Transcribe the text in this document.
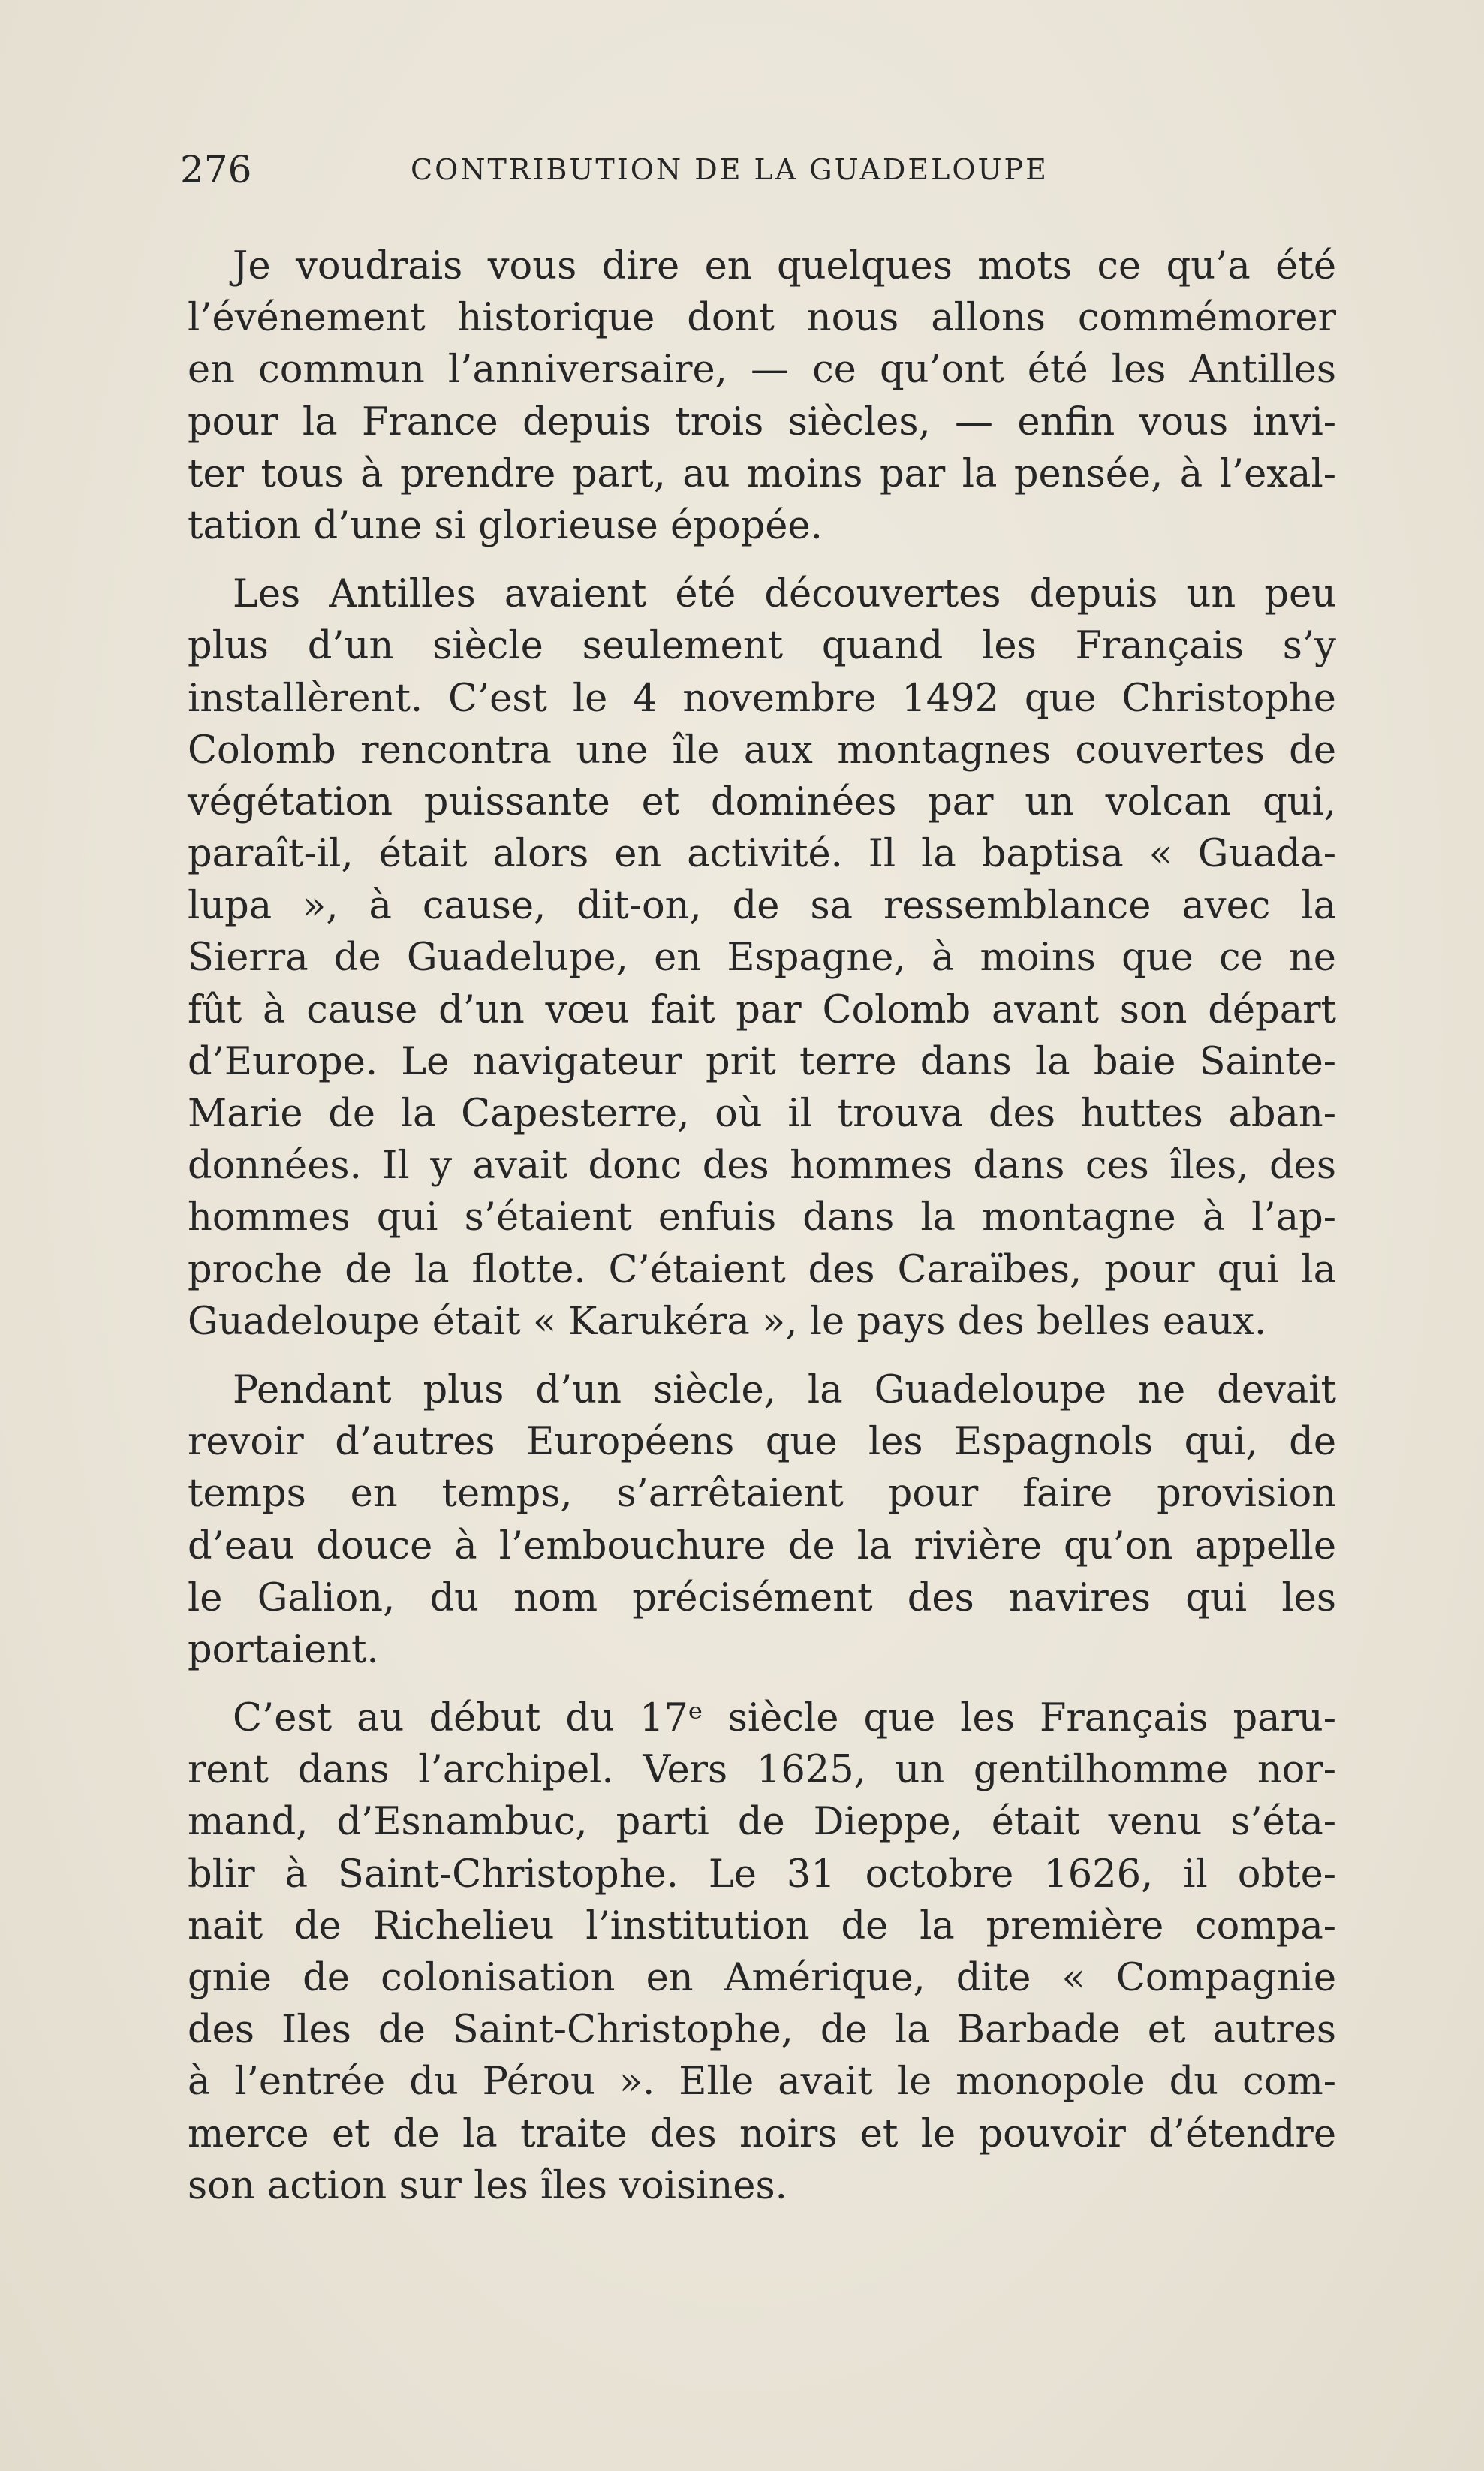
276	CONTRIBUTION DE LA GUADELOUPE
Je voudrais vous dire en quelques mots ce qu’a été
l’événement historique dont nous allons commémorer
en commun l’anniversaire, — ce qu’ont été les Antilles
pour la France depuis trois siècles, — enfin vous invi-
ter tous à prendre part, au moins par la pensée, à l’exal-
tation d’une si glorieuse épopée.
Les Antilles avaient été découvertes depuis un peu
plus d’un siècle seulement quand les Français s’y
installèrent. C’est le 4 novembre 1492 que Christophe
Colomb rencontra une île aux montagnes couvertes de
végétation puissante et dominées par un volcan qui,
paraît-il, était alors en activité. Il la baptisa « Guada-
lupa », à cause, dit-on, de sa ressemblance avec la
Sierra de Guadelupe, en Espagne, à moins que ce ne
fût à cause d’un vœu fait par Colomb avant son départ
d’Europe. Le navigateur prit terre dans la baie Sainte-
Marie de la Capesterre, où il trouva des huttes aban-
données. Il y avait donc des hommes dans ces îles, des
hommes qui s’étaient enfuis dans la montagne à l’ap-
proche de la flotte. C’étaient des Caraïbes, pour qui la
Guadeloupe était « Karukéra », le pays des belles eaux.
Pendant plus d’un siècle, la Guadeloupe ne devait
revoir d’autres Européens que les Espagnols qui, de
temps en temps, s’arrêtaient pour faire provision
d’eau douce à l’embouchure de la rivière qu’on appelle
le Galion, du nom précisément des navires qui les
portaient.
C’est au début du 17ᵉ siècle que les Français paru-
rent dans l’archipel. Vers 1625, un gentilhomme nor-
mand, d’Esnambuc, parti de Dieppe, était venu s’éta-
blir à Saint-Christophe. Le 31 octobre 1626, il obte-
nait de Richelieu l’institution de la première compa-
gnie de colonisation en Amérique, dite « Compagnie
des Iles de Saint-Christophe, de la Barbade et autres
à l’entrée du Pérou ». Elle avait le monopole du com-
merce et de la traite des noirs et le pouvoir d’étendre
son action sur les îles voisines.
